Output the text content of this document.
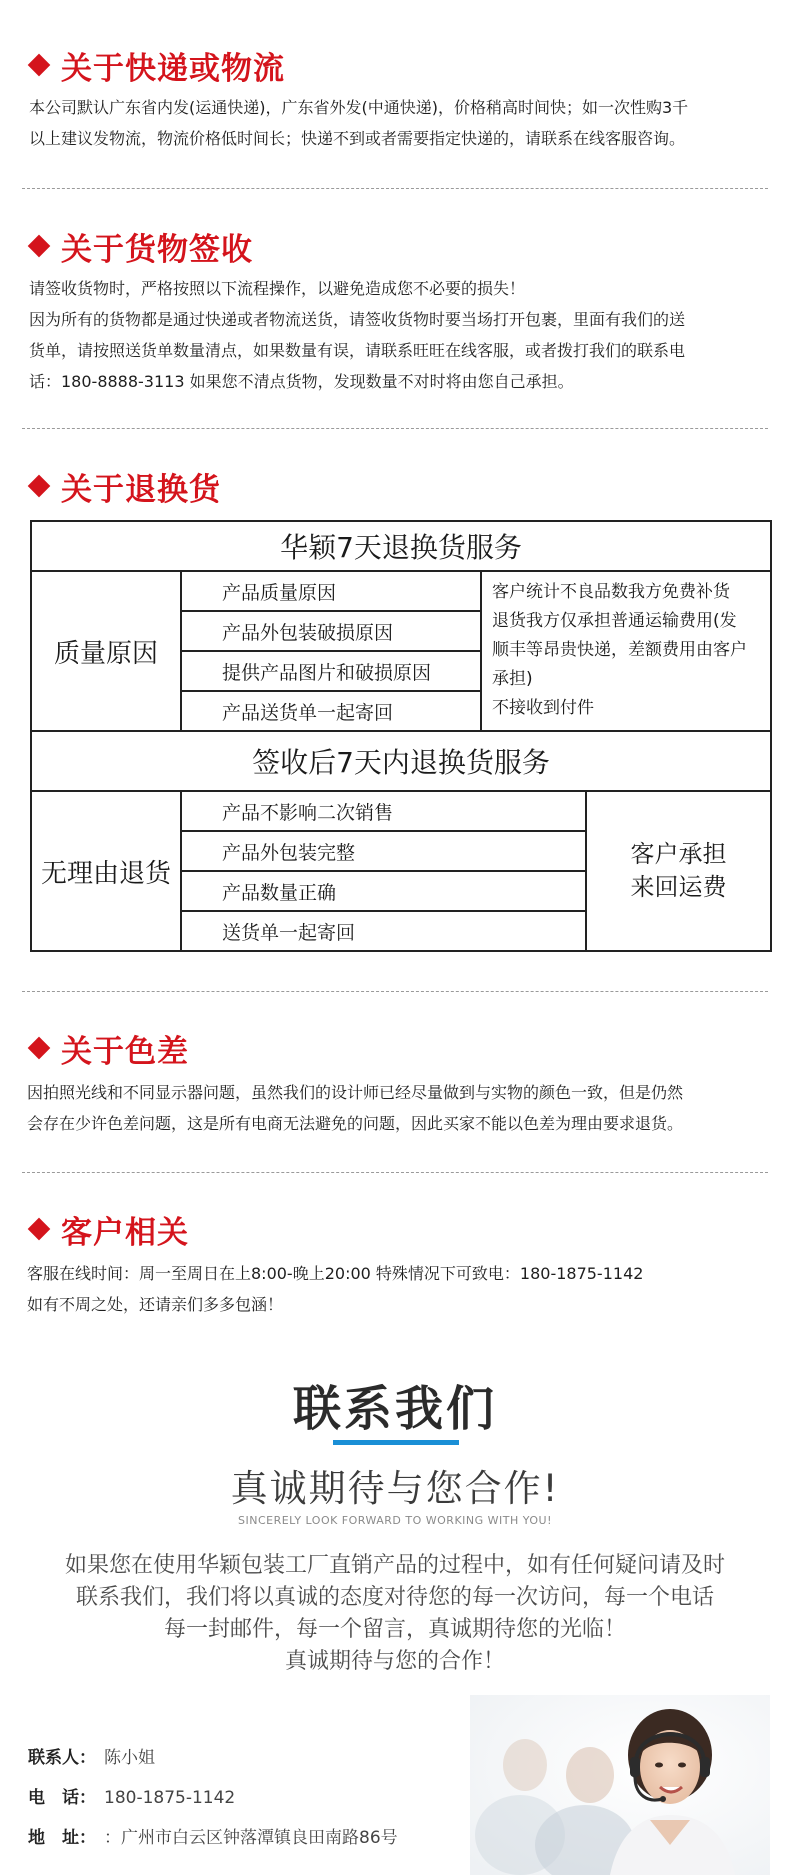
关于快递或物流

本公司默认广东省内发(运通快递)，广东省外发(中通快递)，价格稍高时间快；如一次性购3千

以上建议发物流，物流价格低时间长；快递不到或者需要指定快递的，请联系在线客服咨询。

关于货物签收

请签收货物时，严格按照以下流程操作，以避免造成您不必要的损失！

因为所有的货物都是通过快递或者物流送货，请签收货物时要当场打开包裹，里面有我们的送

货单，请按照送货单数量清点，如果数量有误，请联系旺旺在线客服，或者拨打我们的联系电

话：180-8888-3113 如果您不清点货物，发现数量不对时将由您自己承担。

关于退换货
华颖7天退换货服务			
质量原因	产品质量原因	客户统计不良品数我方免费补货
退货我方仅承担普通运输费用(发
顺丰等昂贵快递，差额费用由客户
承担)
不接收到付件	

	产品外包装破损原因		
	提供产品图片和破损原因		
	产品送货单一起寄回		
签收后7天内退换货服务			
无理由退货	产品不影响二次销售		客户承担
来回运费

	产品外包装完整		
	产品数量正确		
	送货单一起寄回		
关于色差

因拍照光线和不同显示器问题，虽然我们的设计师已经尽量做到与实物的颜色一致，但是仍然

会存在少许色差问题，这是所有电商无法避免的问题，因此买家不能以色差为理由要求退货。

客户相关

客服在线时间：周一至周日在上8:00-晚上20:00 特殊情况下可致电：180-1875-1142

如有不周之处，还请亲们多多包涵！

联系我们
真诚期待与您合作!
SINCERELY LOOK FORWARD TO WORKING WITH YOU!

如果您在使用华颖包装工厂直销产品的过程中，如有任何疑问请及时

联系我们，我们将以真诚的态度对待您的每一次访问，每一个电话

每一封邮件，每一个留言，真诚期待您的光临！

真诚期待与您的合作！

联系人： 陈小姐
电　话： 180-1875-1142
地　址： ：广州市白云区钟落潭镇良田南路86号
